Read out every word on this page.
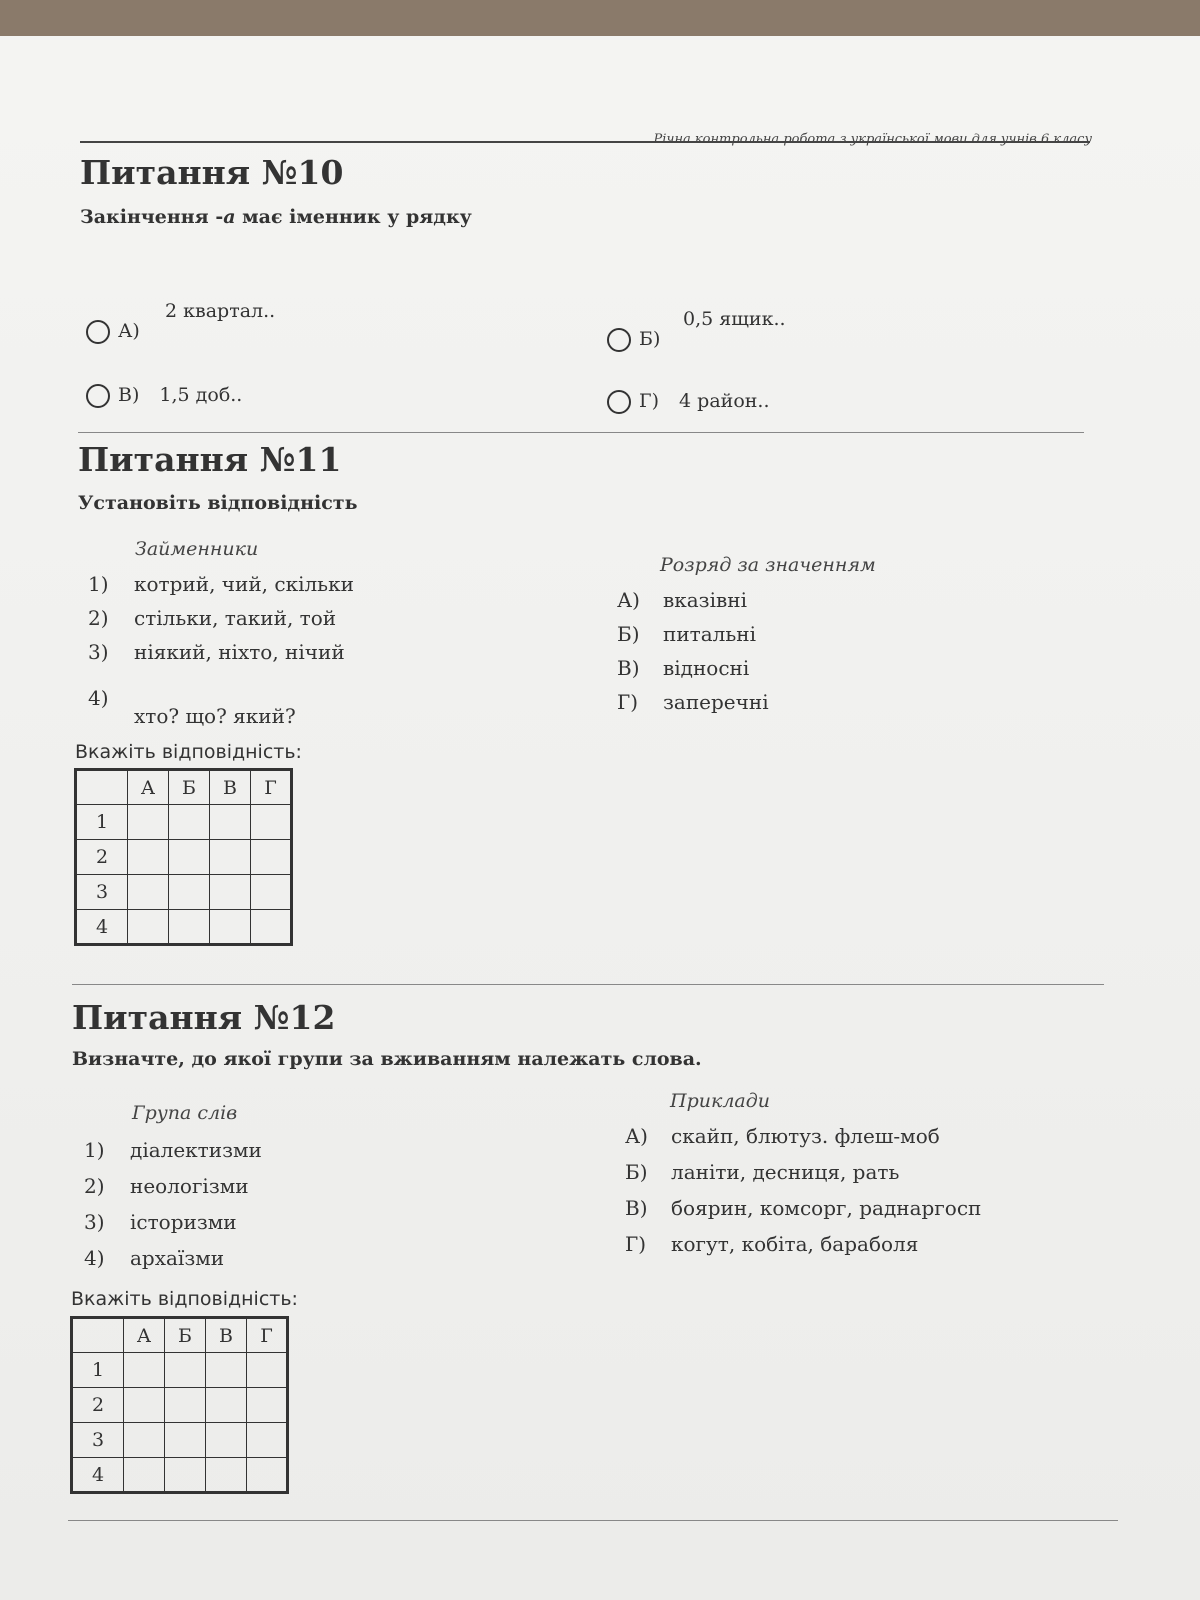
Річна контрольна робота з української мови для учнів 6 класу
Питання №10
Закінчення -а має іменник у рядку
А)
2 квартал..
Б)
0,5 ящик..
В) 1,5 доб..	Г) 4 район..
Питання №11
Установіть відповідність
Займенники
1) котрий, чий, скільки
2) стільки, такий, той
3) ніякий, ніхто, нічий
4)
хто? що? який?
Розряд за значенням
А) вказівні
Б) питальні
В) відносні
Г) заперечні
Вкажіть відповідність:
	А	Б	В	Г
1				
2				
3				
4				
Питання №12
Визначте, до якої групи за вживанням належать слова.
Група слів
1) діалектизми
2) неологізми
3) історизми
4) архаїзми
Приклади
А) скайп, блютуз. флеш-моб
Б) ланіти, десниця, рать
В) боярин, комсорг, раднаргосп
Г) когут, кобіта, бараболя
Вкажіть відповідність:
	А	Б	В	Г
1				
2				
3				
4				
